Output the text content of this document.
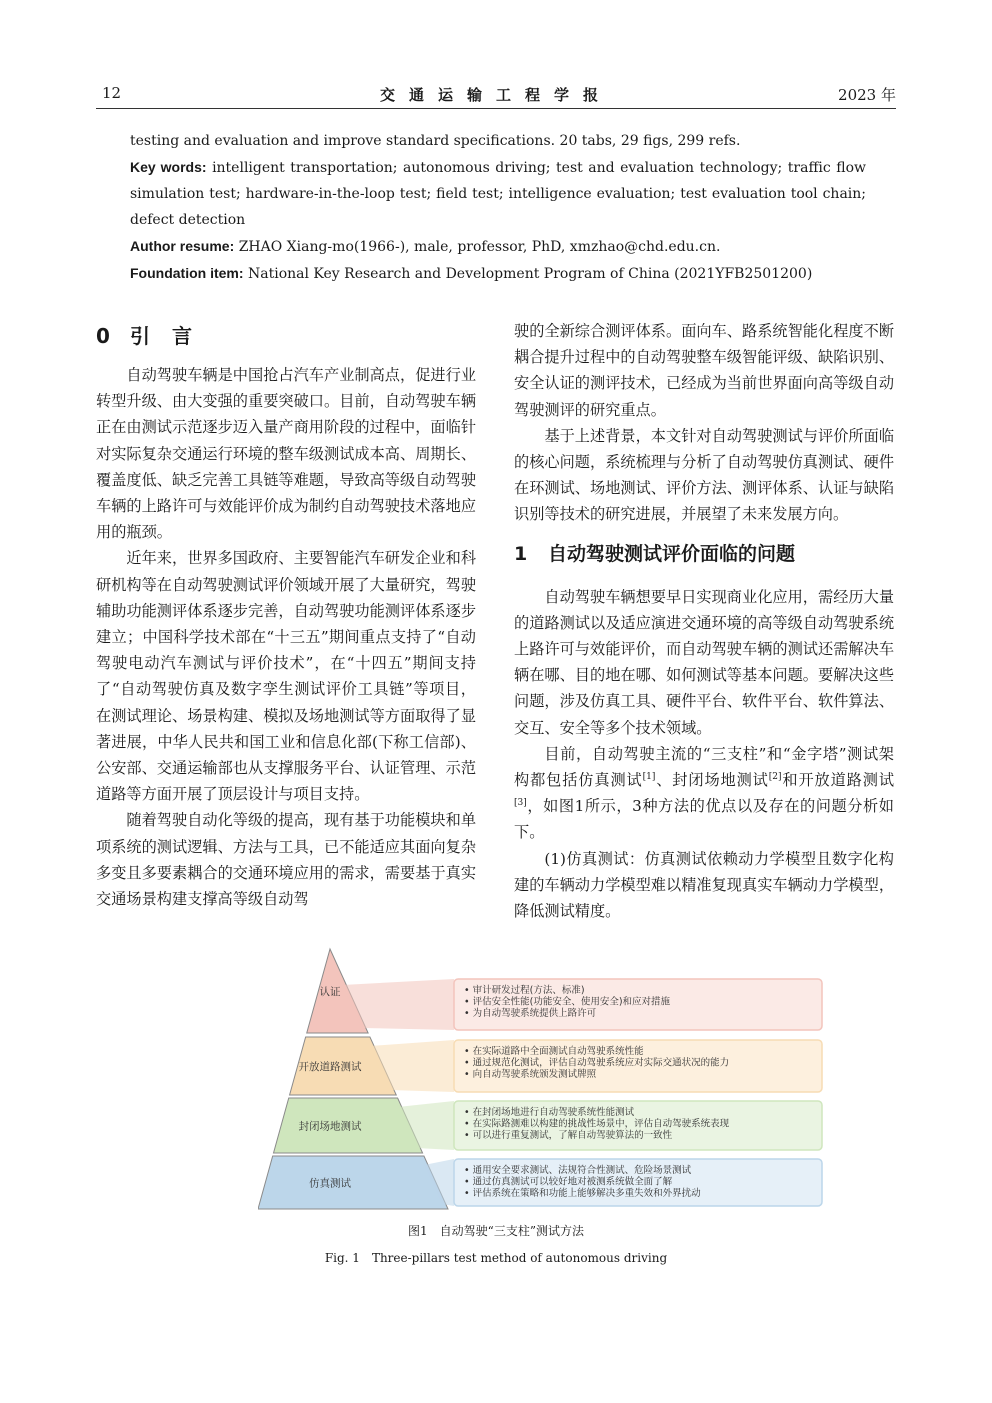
12	交通运输工程学报	2023 年

testing and evaluation and improve standard specifications. 20 tabs, 29 figs, 299 refs.

Key words: intelligent transportation; autonomous driving; test and evaluation technology; traffic flow simulation test; hardware-in-the-loop test; field test; intelligence evaluation; test evaluation tool chain; defect detection

Author resume: ZHAO Xiang-mo(1966-), male, professor, PhD, xmzhao@chd.edu.cn.

Foundation item: National Key Research and Development Program of China (2021YFB2501200)

0 引言

自动驾驶车辆是中国抢占汽车产业制高点，促进行业转型升级、由大变强的重要突破口。目前，自动驾驶车辆正在由测试示范逐步迈入量产商用阶段的过程中，面临针对实际复杂交通运行环境的整车级测试成本高、周期长、覆盖度低、缺乏完善工具链等难题，导致高等级自动驾驶车辆的上路许可与效能评价成为制约自动驾驶技术落地应用的瓶颈。

近年来，世界多国政府、主要智能汽车研发企业和科研机构等在自动驾驶测试评价领域开展了大量研究，驾驶辅助功能测评体系逐步完善，自动驾驶功能测评体系逐步建立；中国科学技术部在“十三五”期间重点支持了“自动驾驶电动汽车测试与评价技术”，在“十四五”期间支持了“自动驾驶仿真及数字孪生测试评价工具链”等项目，在测试理论、场景构建、模拟及场地测试等方面取得了显著进展，中华人民共和国工业和信息化部(下称工信部)、公安部、交通运输部也从支撑服务平台、认证管理、示范道路等方面开展了顶层设计与项目支持。

随着驾驶自动化等级的提高，现有基于功能模块和单项系统的测试逻辑、方法与工具，已不能适应其面向复杂多变且多要素耦合的交通环境应用的需求，需要基于真实交通场景构建支撑高等级自动驾

驶的全新综合测评体系。面向车、路系统智能化程度不断耦合提升过程中的自动驾驶整车级智能评级、缺陷识别、安全认证的测评技术，已经成为当前世界面向高等级自动驾驶测评的研究重点。

基于上述背景，本文针对自动驾驶测试与评价所面临的核心问题，系统梳理与分析了自动驾驶仿真测试、硬件在环测试、场地测试、评价方法、测评体系、认证与缺陷识别等技术的研究进展，并展望了未来发展方向。

1 自动驾驶测试评价面临的问题

自动驾驶车辆想要早日实现商业化应用，需经历大量的道路测试以及适应演进交通环境的高等级自动驾驶系统上路许可与效能评价，而自动驾驶车辆的测试还需解决车辆在哪、目的地在哪、如何测试等基本问题。要解决这些问题，涉及仿真工具、硬件平台、软件平台、软件算法、交互、安全等多个技术领域。

目前，自动驾驶主流的“三支柱”和“金字塔”测试架构都包括仿真测试[1]、封闭场地测试[2]和开放道路测试[3]，如图1所示，3种方法的优点以及存在的问题分析如下。

(1)仿真测试：仿真测试依赖动力学模型且数字化构建的车辆动力学模型难以精准复现真实车辆动力学模型，降低测试精度。

认证	• 审计研发过程(方法、标准)
• 评估安全性能(功能安全、使用安全)和应对措施
• 为自动驾驶系统提供上路许可
开放道路测试
• 在实际道路中全面测试自动驾驶系统性能
• 通过规范化测试，评估自动驾驶系统应对实际交通状况的能力
• 向自动驾驶系统颁发测试牌照
封闭场地测试
• 在封闭场地进行自动驾驶系统性能测试
• 在实际路测难以构建的挑战性场景中，评估自动驾驶系统表现
• 可以进行重复测试，了解自动驾驶算法的一致性
仿真测试
• 通用安全要求测试、法规符合性测试、危险场景测试
• 通过仿真测试可以较好地对被测系统做全面了解
• 评估系统在策略和功能上能够解决多重失效和外界扰动
图1　自动驾驶“三支柱”测试方法
Fig. 1　Three-pillars test method of autonomous driving
